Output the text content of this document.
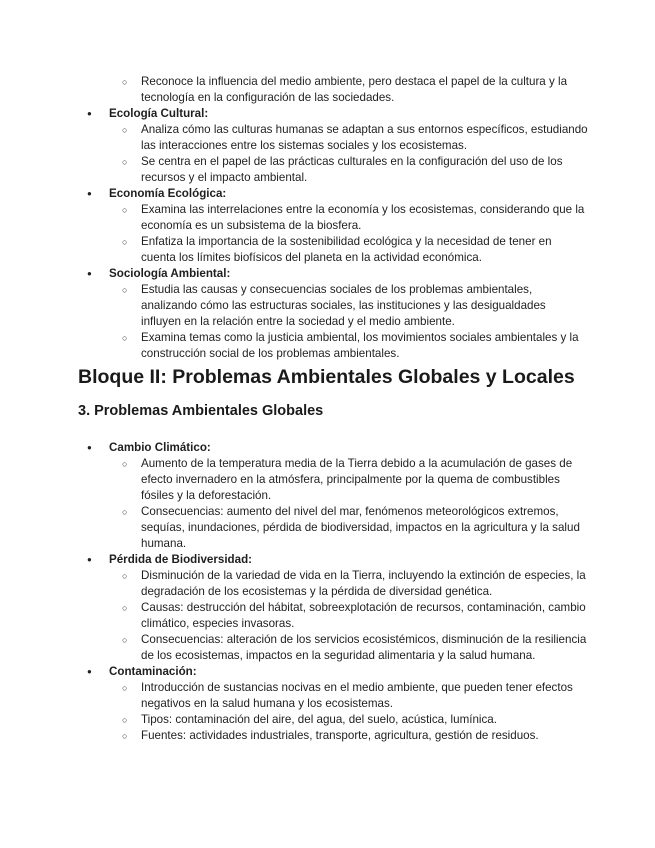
○ Reconoce la influencia del medio ambiente, pero destaca el papel de la cultura y la tecnología en la configuración de las sociedades.
● Ecología Cultural:
○ Analiza cómo las culturas humanas se adaptan a sus entornos específicos, estudiando las interacciones entre los sistemas sociales y los ecosistemas.
○ Se centra en el papel de las prácticas culturales en la configuración del uso de los recursos y el impacto ambiental.
● Economía Ecológica:
○ Examina las interrelaciones entre la economía y los ecosistemas, considerando que la economía es un subsistema de la biosfera.
○ Enfatiza la importancia de la sostenibilidad ecológica y la necesidad de tener en cuenta los límites biofísicos del planeta en la actividad económica.
● Sociología Ambiental:
○ Estudia las causas y consecuencias sociales de los problemas ambientales, analizando cómo las estructuras sociales, las instituciones y las desigualdades influyen en la relación entre la sociedad y el medio ambiente.
○ Examina temas como la justicia ambiental, los movimientos sociales ambientales y la construcción social de los problemas ambientales.
Bloque II: Problemas Ambientales Globales y Locales
3. Problemas Ambientales Globales
● Cambio Climático:
○ Aumento de la temperatura media de la Tierra debido a la acumulación de gases de efecto invernadero en la atmósfera, principalmente por la quema de combustibles fósiles y la deforestación.
○ Consecuencias: aumento del nivel del mar, fenómenos meteorológicos extremos, sequías, inundaciones, pérdida de biodiversidad, impactos en la agricultura y la salud humana.
● Pérdida de Biodiversidad:
○ Disminución de la variedad de vida en la Tierra, incluyendo la extinción de especies, la degradación de los ecosistemas y la pérdida de diversidad genética.
○ Causas: destrucción del hábitat, sobreexplotación de recursos, contaminación, cambio climático, especies invasoras.
○ Consecuencias: alteración de los servicios ecosistémicos, disminución de la resiliencia de los ecosistemas, impactos en la seguridad alimentaria y la salud humana.
● Contaminación:
○ Introducción de sustancias nocivas en el medio ambiente, que pueden tener efectos negativos en la salud humana y los ecosistemas.
○ Tipos: contaminación del aire, del agua, del suelo, acústica, lumínica.
○ Fuentes: actividades industriales, transporte, agricultura, gestión de residuos.
